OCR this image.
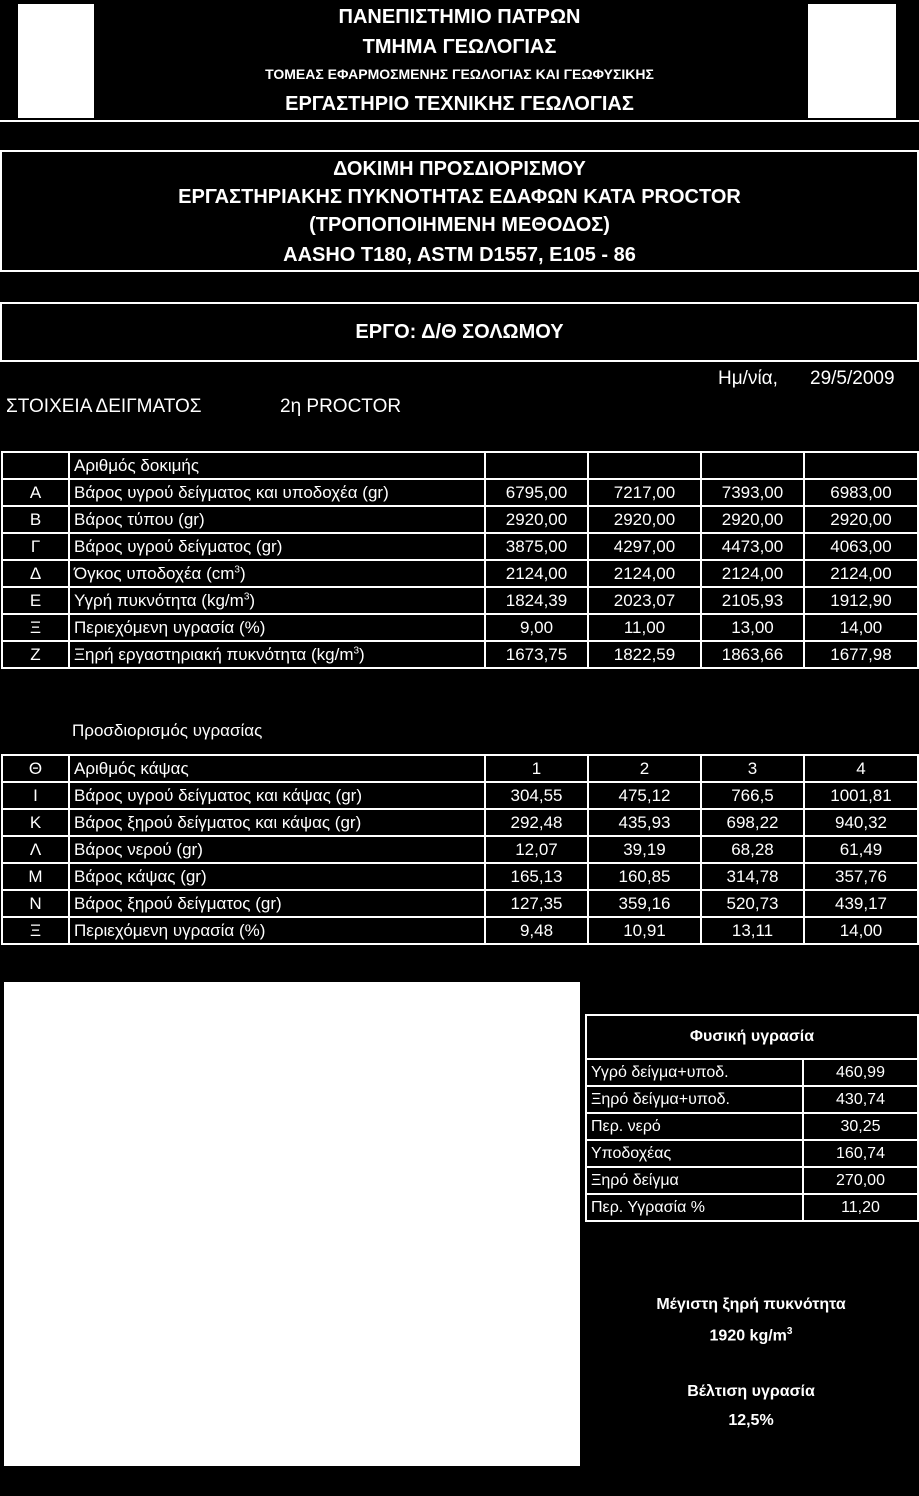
ΠΑΝΕΠΙΣΤΗΜΙΟ ΠΑΤΡΩΝ
ΤΜΗΜΑ ΓΕΩΛΟΓΙΑΣ
ΤΟΜΕΑΣ ΕΦΑΡΜΟΣΜΕΝΗΣ ΓΕΩΛΟΓΙΑΣ ΚΑΙ ΓΕΩΦΥΣΙΚΗΣ
ΕΡΓΑΣΤΗΡΙΟ ΤΕΧΝΙΚΗΣ ΓΕΩΛΟΓΙΑΣ
ΔΟΚΙΜΗ ΠΡΟΣΔΙΟΡΙΣΜΟΥ
ΕΡΓΑΣΤΗΡΙΑΚΗΣ ΠΥΚΝΟΤΗΤΑΣ ΕΔΑΦΩΝ ΚΑΤΑ PROCTOR
(ΤΡΟΠΟΠΟΙΗΜΕΝΗ ΜΕΘΟΔΟΣ)
AASHO T180, ASTM D1557, E105 - 86
ΕΡΓΟ: Δ/Θ ΣΟΛΩΜΟΥ
Ημ/νία, 29/5/2009
ΣΤΟΙΧΕΙΑ ΔΕΙΓΜΑΤΟΣ	2η PROCTOR
	Αριθμός δοκιμής				
Α	Βάρος υγρού δείγματος και υποδοχέα (gr)	6795,00	7217,00	7393,00	6983,00
Β	Βάρος τύπου (gr)	2920,00	2920,00	2920,00	2920,00
Γ	Βάρος υγρού δείγματος (gr)	3875,00	4297,00	4473,00	4063,00
Δ	Όγκος υποδοχέα $(cm^3)$	2124,00	2124,00	2124,00	2124,00
Ε	Υγρή πυκνότητα $(kg/m^3)$	1824,39	2023,07	2105,93	1912,90
Ξ	Περιεχόμενη υγρασία (%)	9,00	11,00	13,00	14,00
Ζ	Ξηρή εργαστηριακή πυκνότητα $(kg/m^3)$	1673,75	1822,59	1863,66	1677,98
Προσδιορισμός υγρασίας
Θ	Αριθμός κάψας	1	2	3	4
Ι	Βάρος υγρού δείγματος και κάψας (gr)	304,55	475,12	766,5	1001,81
Κ	Βάρος ξηρού δείγματος και κάψας (gr)	292,48	435,93	698,22	940,32
Λ	Βάρος νερού (gr)	12,07	39,19	68,28	61,49
Μ	Βάρος κάψας (gr)	165,13	160,85	314,78	357,76
Ν	Βάρος ξηρού δείγματος (gr)	127,35	359,16	520,73	439,17
Ξ	Περιεχόμενη υγρασία (%)	9,48	10,91	13,11	14,00
Φυσική υγρασία	
Υγρό δείγμα+υποδ.	460,99
Ξηρό δείγμα+υποδ.	430,74
Περ. νερό	30,25
Υποδοχέας	160,74
Ξηρό δείγμα	270,00
Περ. Υγρασία %	11,20
Μέγιστη ξηρή πυκνότητα
1920 $kg/m^3$
Βέλτιση υγρασία
12,5%
